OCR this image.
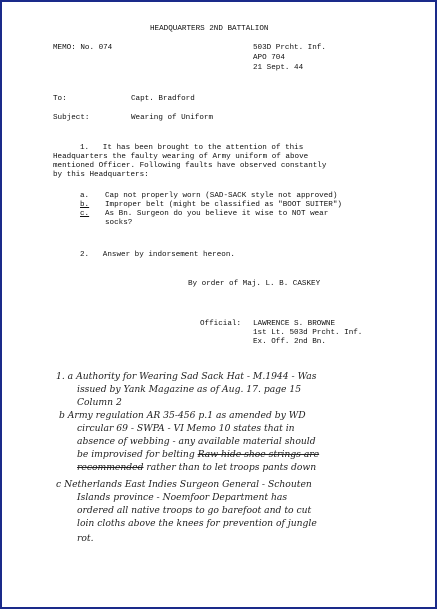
HEADQUARTERS 2ND BATTALION
MEMO: No. 074	503D Prcht. Inf.
APO 704
21 Sept. 44
To:	Capt. Bradford
Subject:	Wearing of Uniform
1.   It has been brought to the attention of this
Headquarters the faulty wearing of Army uniform of above
mentioned Officer. Following faults have observed constantly
by this Headquarters:
a. Cap not properly worn (SAD-SACK style not approved)
b. Improper belt (might be classified as "BOOT SUITER")
c. As Bn. Surgeon do you believe it wise to NOT wear
socks?
2.   Answer by indorsement hereon.
By order of Maj. L. B. CASKEY
Official: LAWRENCE S. BROWNE
1st Lt. 503d Prcht. Inf.
Ex. Off. 2nd Bn.
1. a Authority for Wearing Sad Sack Hat - M.1944 - Was
issued by Yank Magazine as of Aug. 17. page 15
Column 2
b Army regulation AR 35-456 p.1 as amended by WD
circular 69 - SWPA - VI Memo 10 states that in
absence of webbing - any available material should
be improvised for belting Raw hide shoe strings are
recommended rather than to let troops pants down
c Netherlands East Indies Surgeon General - Schouten
Islands province - Noemfoor Department has
ordered all native troops to go barefoot and to cut
loin cloths above the knees for prevention of jungle
rot.
